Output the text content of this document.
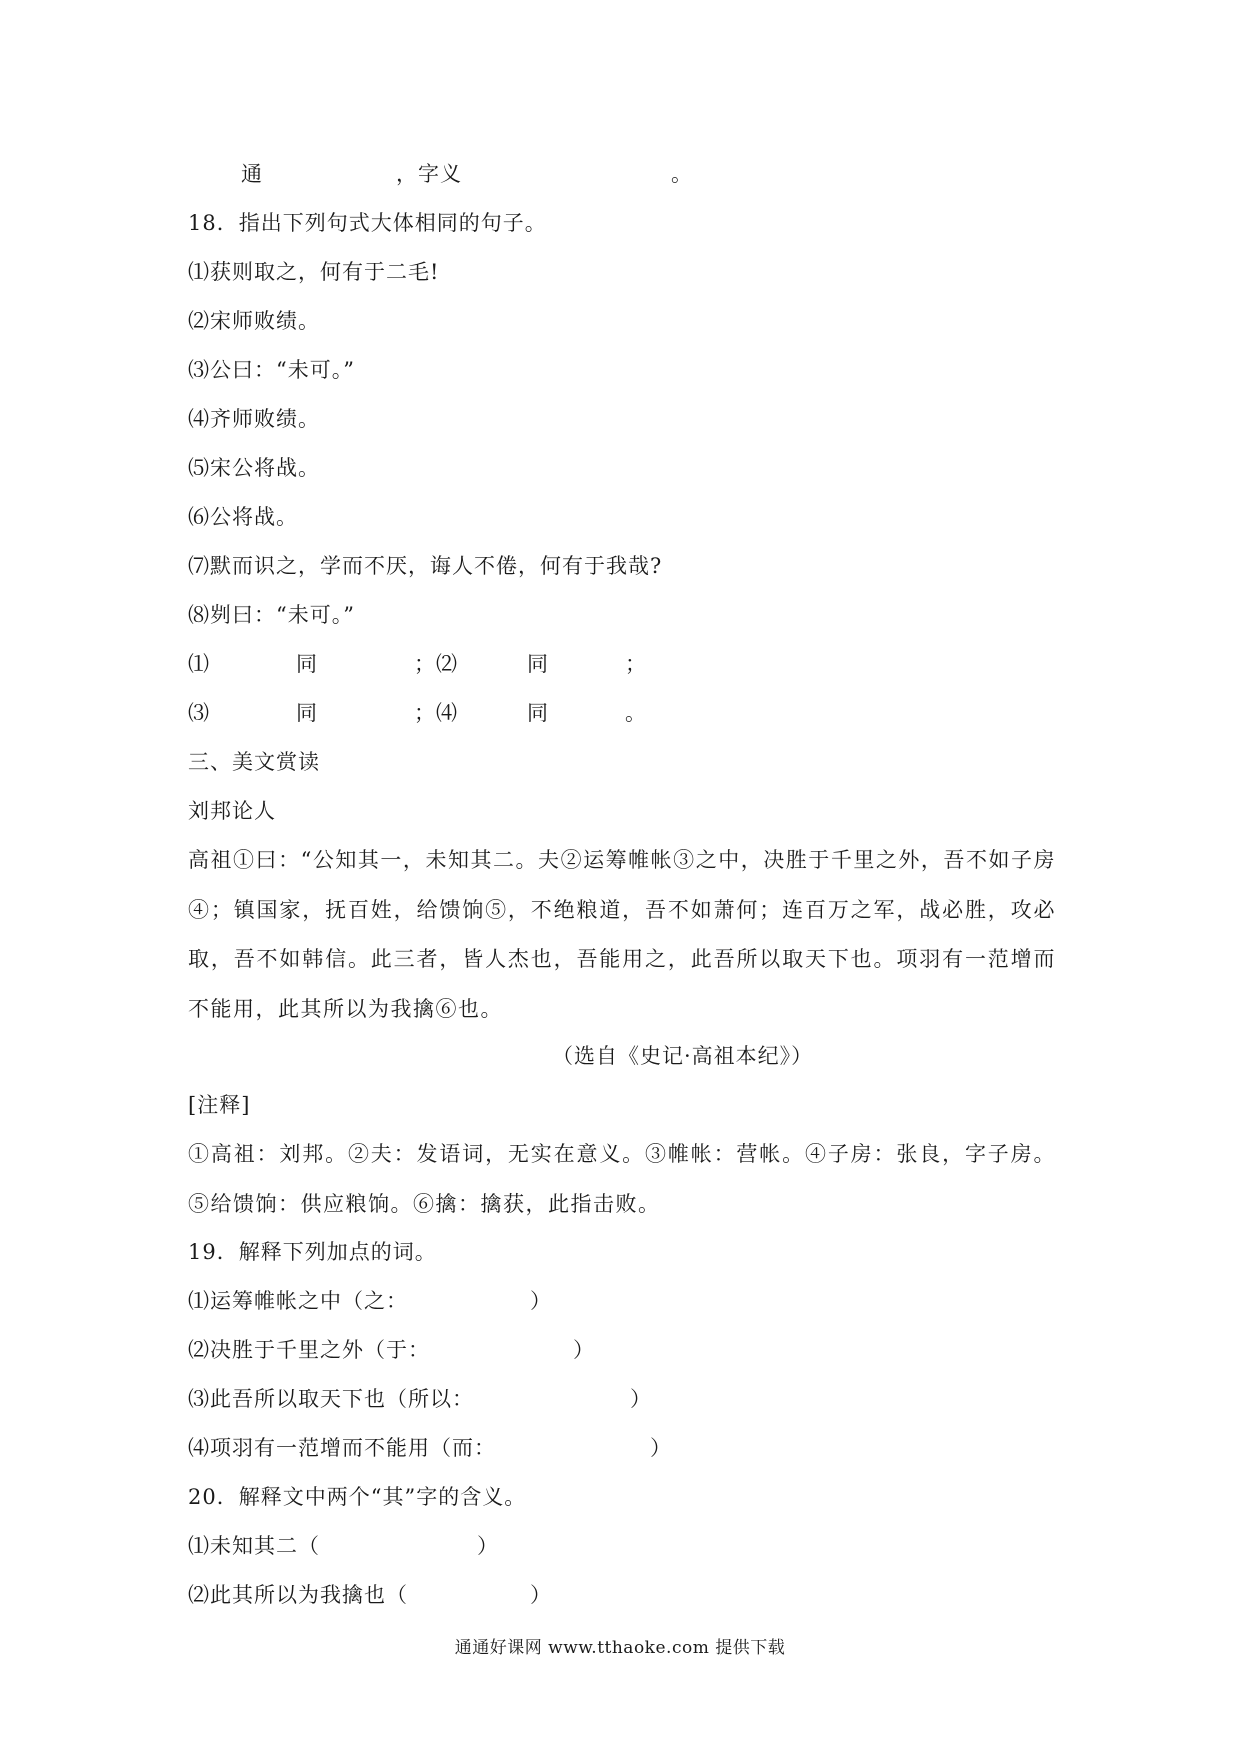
通	，字义	。
18．指出下列句式大体相同的句子。
⑴获则取之，何有于二毛!
⑵宋师败绩。
⑶公曰：“未可。”
⑷齐师败绩。
⑸宋公将战。
⑹公将战。
⑺默而识之，学而不厌，诲人不倦，何有于我哉?
⑻刿曰：“未可。”
⑴	同	；⑵	同	；
⑶	同	；⑷	同	。
三、美文赏读
刘邦论人
高祖①曰：“公知其一，未知其二。夫②运筹帷帐③之中，决胜于千里之外，吾不如子房④；镇国家，抚百姓，给馈饷⑤，不绝粮道，吾不如萧何；连百万之军，战必胜，攻必取，吾不如韩信。此三者，皆人杰也，吾能用之，此吾所以取天下也。项羽有一范增而不能用，此其所以为我擒⑥也。
（选自《史记·高祖本纪》）
[注释]
①高祖：刘邦。②夫：发语词，无实在意义。③帷帐：营帐。④子房：张良，字子房。⑤给馈饷：供应粮饷。⑥擒：擒获，此指击败。
19．解释下列加点的词。
⑴运筹帷帐之中（之：	）
⑵决胜于千里之外（于：	）
⑶此吾所以取天下也（所以：	）
⑷项羽有一范增而不能用（而：	）
20．解释文中两个“其”字的含义。
⑴未知其二（	）
⑵此其所以为我擒也（	）
通通好课网 www.tthaoke.com 提供下载
